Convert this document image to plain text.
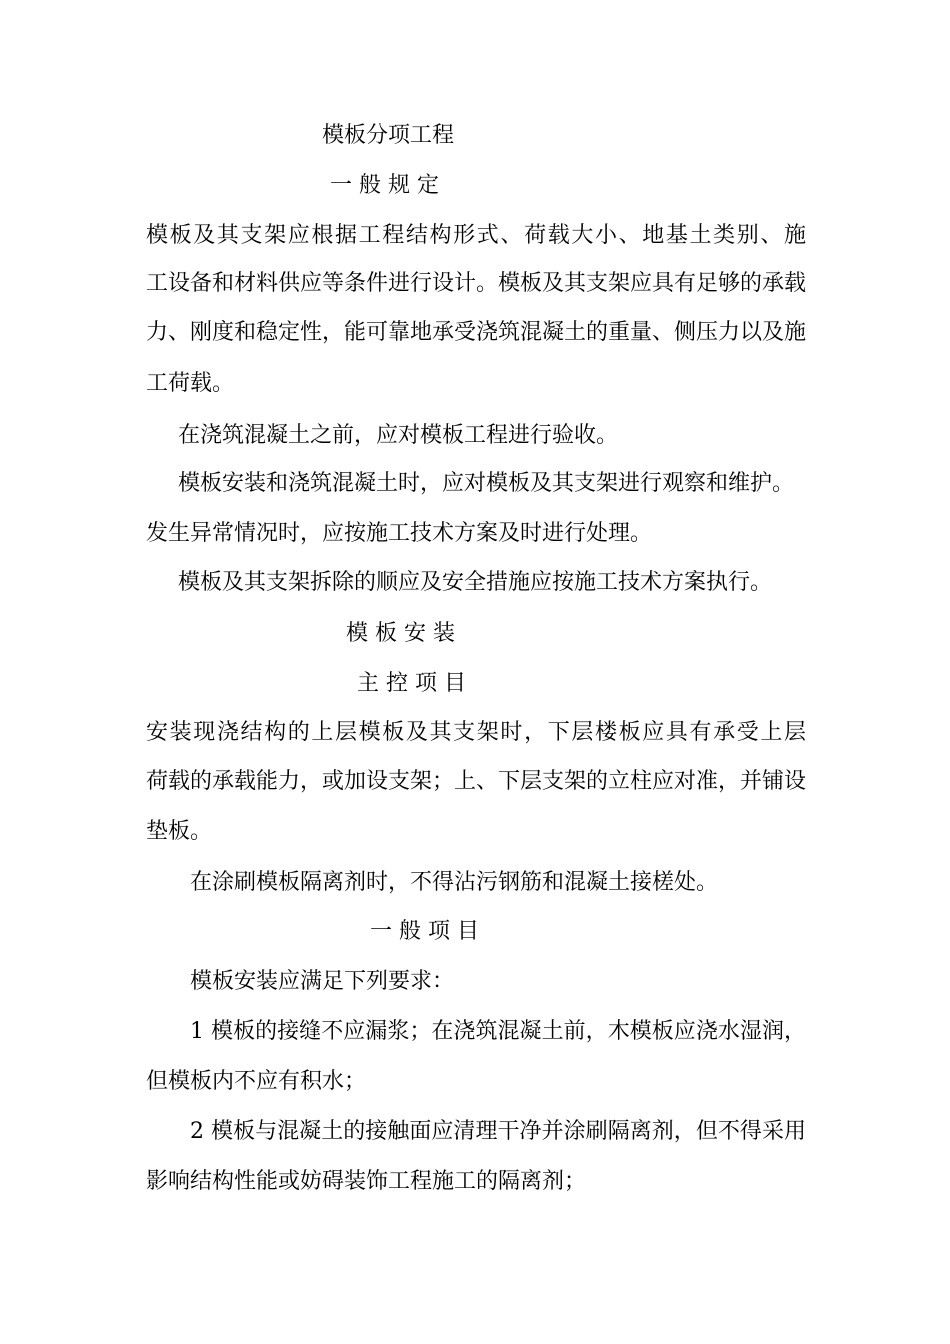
模板分项工程
一 般 规 定
模板及其支架应根据工程结构形式、荷载大小、地基土类别、施
工设备和材料供应等条件进行设计。模板及其支架应具有足够的承载
力、刚度和稳定性，能可靠地承受浇筑混凝土的重量、侧压力以及施
工荷载。
在浇筑混凝土之前，应对模板工程进行验收。
模板安装和浇筑混凝土时，应对模板及其支架进行观察和维护。
发生异常情况时，应按施工技术方案及时进行处理。
模板及其支架拆除的顺应及安全措施应按施工技术方案执行。
模 板 安 装
主 控 项 目
安装现浇结构的上层模板及其支架时，下层楼板应具有承受上层
荷载的承载能力，或加设支架；上、下层支架的立柱应对准，并铺设
垫板。
在涂刷模板隔离剂时，不得沾污钢筋和混凝土接槎处。
一 般 项 目
模板安装应满足下列要求：
1 模板的接缝不应漏浆；在浇筑混凝土前，木模板应浇水湿润，
但模板内不应有积水；
2 模板与混凝土的接触面应清理干净并涂刷隔离剂，但不得采用
影响结构性能或妨碍装饰工程施工的隔离剂；
